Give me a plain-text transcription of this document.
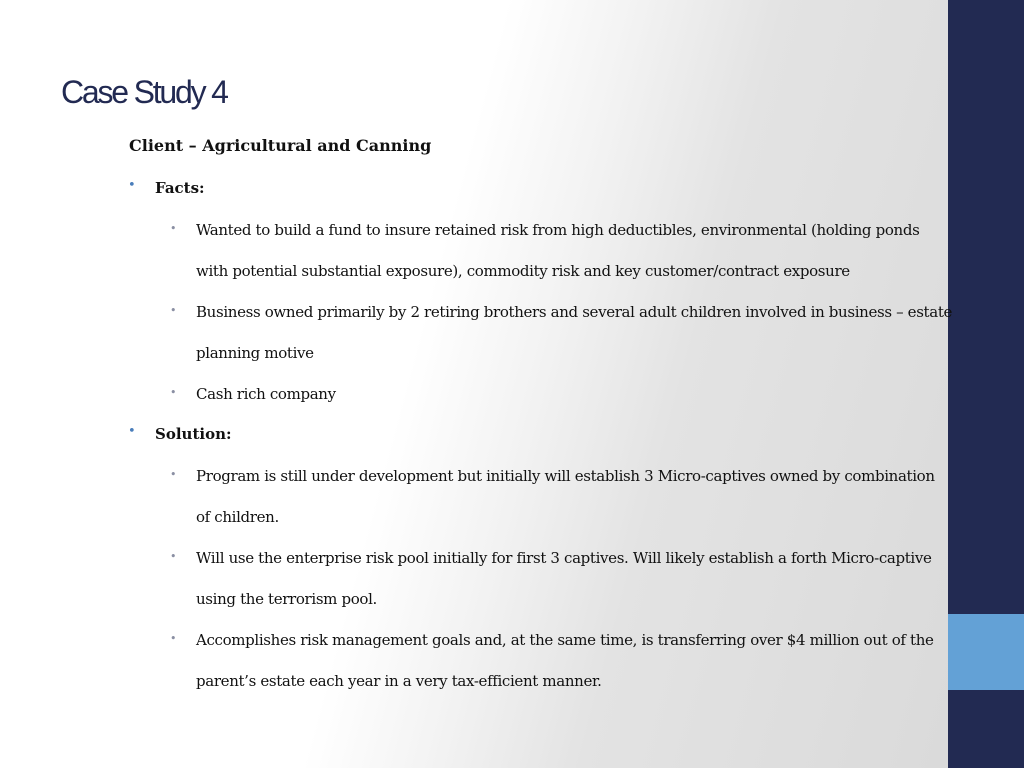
Case Study 4
Client – Agricultural and Canning
• Facts:
• Wanted to build a fund to insure retained risk from high deductibles, environmental (holding ponds
with potential substantial exposure), commodity risk and key customer/contract exposure
• Business owned primarily by 2 retiring brothers and several adult children involved in business – estate
planning motive
• Cash rich company
• Solution:
• Program is still under development but initially will establish 3 Micro-captives owned by combination
of children.
• Will use the enterprise risk pool initially for first 3 captives. Will likely establish a forth Micro-captive
using the terrorism pool.
• Accomplishes risk management goals and, at the same time, is transferring over $4 million out of the
parent’s estate each year in a very tax-efficient manner.
